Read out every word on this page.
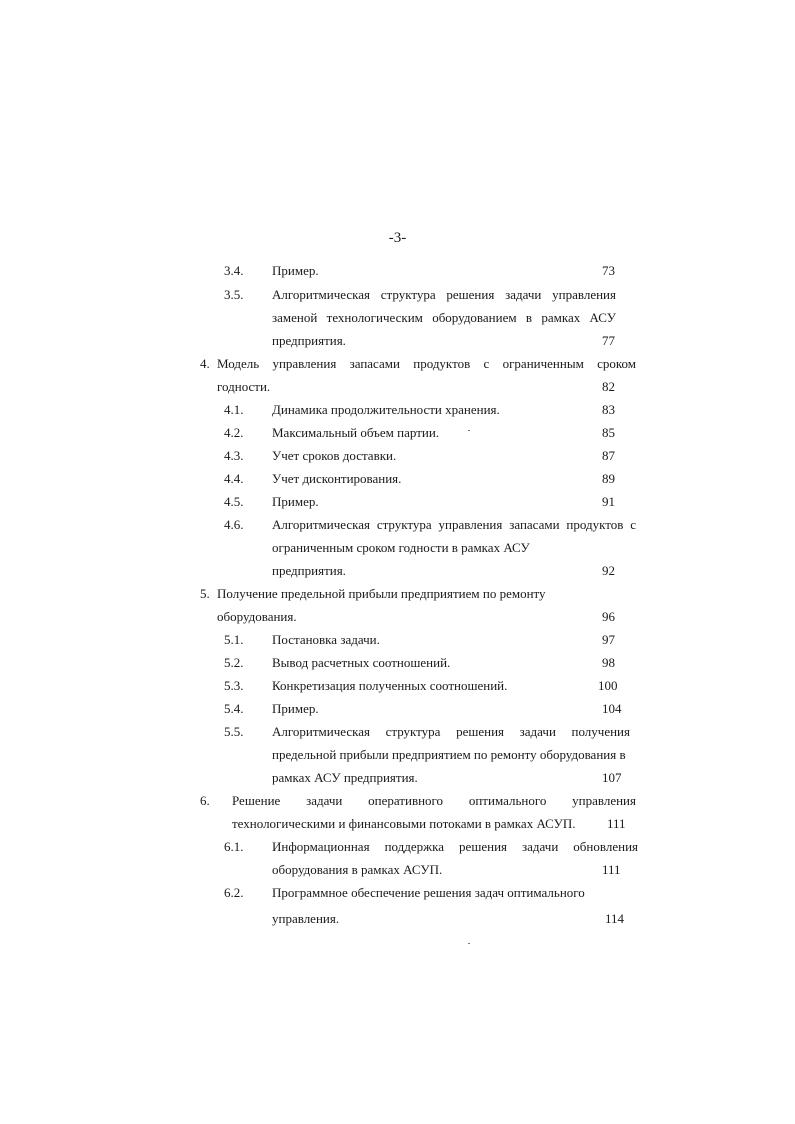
-3-
3.4. Пример.	73
3.5. Алгоритмическая структура решения задачи управления
заменой технологическим оборудованием в рамках АСУ
предприятия.	77
4. Модель управления запасами продуктов с ограниченным сроком
годности.	82
4.1. Динамика продолжительности хранения.	83
4.2. Максимальный объем партии.	85
4.3. Учет сроков доставки.	87
4.4. Учет дисконтирования.	89
4.5. Пример.	91
4.6. Алгоритмическая структура управления запасами продуктов с
ограниченным сроком годности в рамках АСУ
предприятия.	92
5. Получение предельной прибыли предприятием по ремонту
оборудования.	96
5.1. Постановка задачи.	97
5.2. Вывод расчетных соотношений.	98
5.3. Конкретизация полученных соотношений.	100
5.4. Пример.	104
5.5. Алгоритмическая структура решения задачи получения
предельной прибыли предприятием по ремонту оборудования в
рамках АСУ предприятия.	107
6. Решение задачи оперативного оптимального управления
технологическими и финансовыми потоками в рамках АСУП. 111
6.1. Информационная поддержка решения задачи обновления
оборудования в рамках АСУП.	111
6.2. Программное обеспечение решения задач оптимального
управления.	114
